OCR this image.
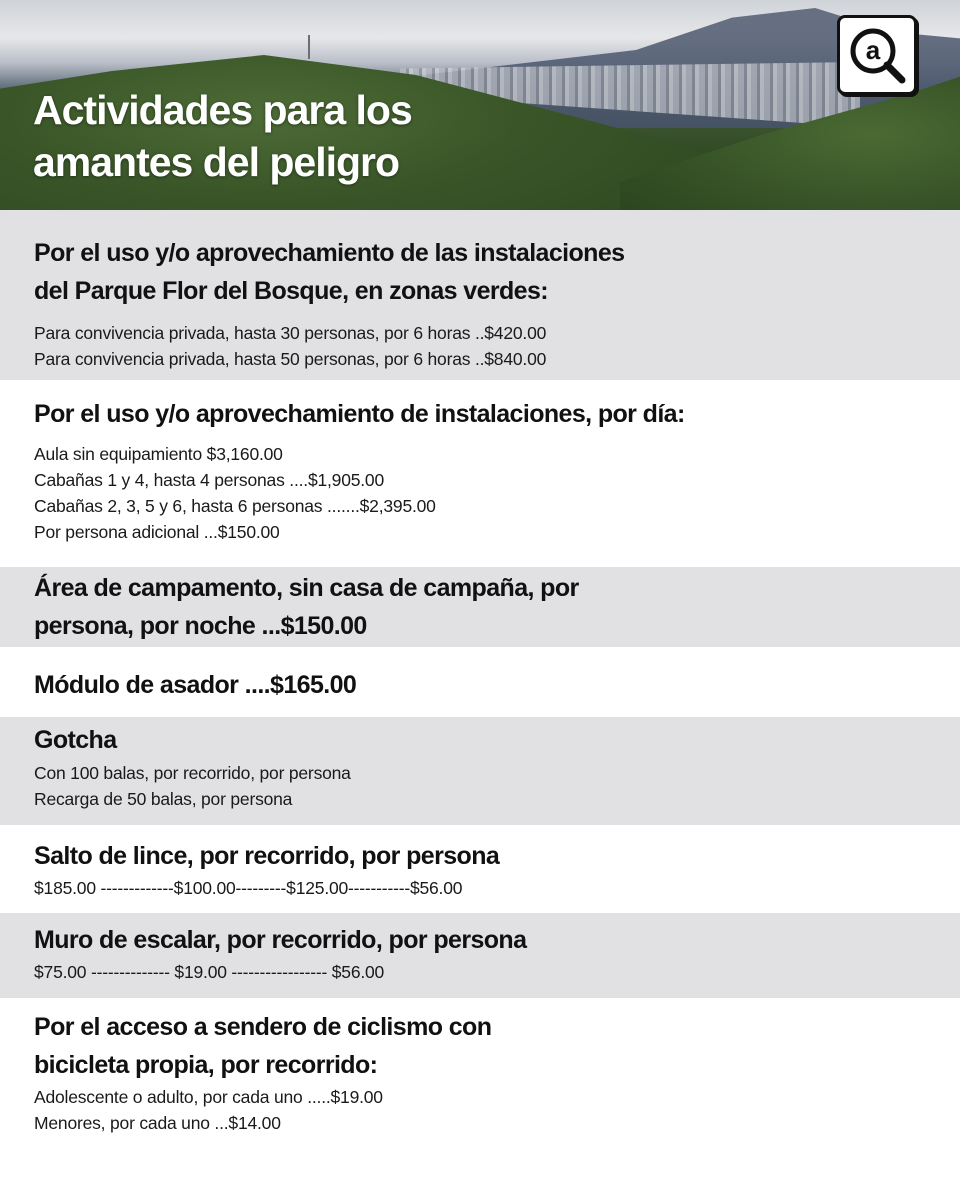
Actividades para los
amantes del peligro
a
Por el uso y/o aprovechamiento de las instalaciones
del Parque Flor del Bosque, en zonas verdes:
Para convivencia privada, hasta 30 personas, por 6 horas ..$420.00
Para convivencia privada, hasta 50 personas, por 6 horas ..$840.00
Por el uso y/o aprovechamiento de instalaciones, por día:
Aula sin equipamiento $3,160.00
Cabañas 1 y 4, hasta 4 personas ....$1,905.00
Cabañas 2, 3, 5 y 6, hasta 6 personas .......$2,395.00
Por persona adicional ...$150.00
Área de campamento, sin casa de campaña, por
persona, por noche ...$150.00
Módulo de asador ....$165.00
Gotcha
Con 100 balas, por recorrido, por persona
Recarga de 50 balas, por persona
Salto de lince, por recorrido, por persona
$185.00 -------------$100.00---------$125.00-----------$56.00
Muro de escalar, por recorrido, por persona
$75.00 -------------- $19.00 ----------------- $56.00
Por el acceso a sendero de ciclismo con
bicicleta propia, por recorrido:
Adolescente o adulto, por cada uno .....$19.00
Menores, por cada uno ...$14.00
